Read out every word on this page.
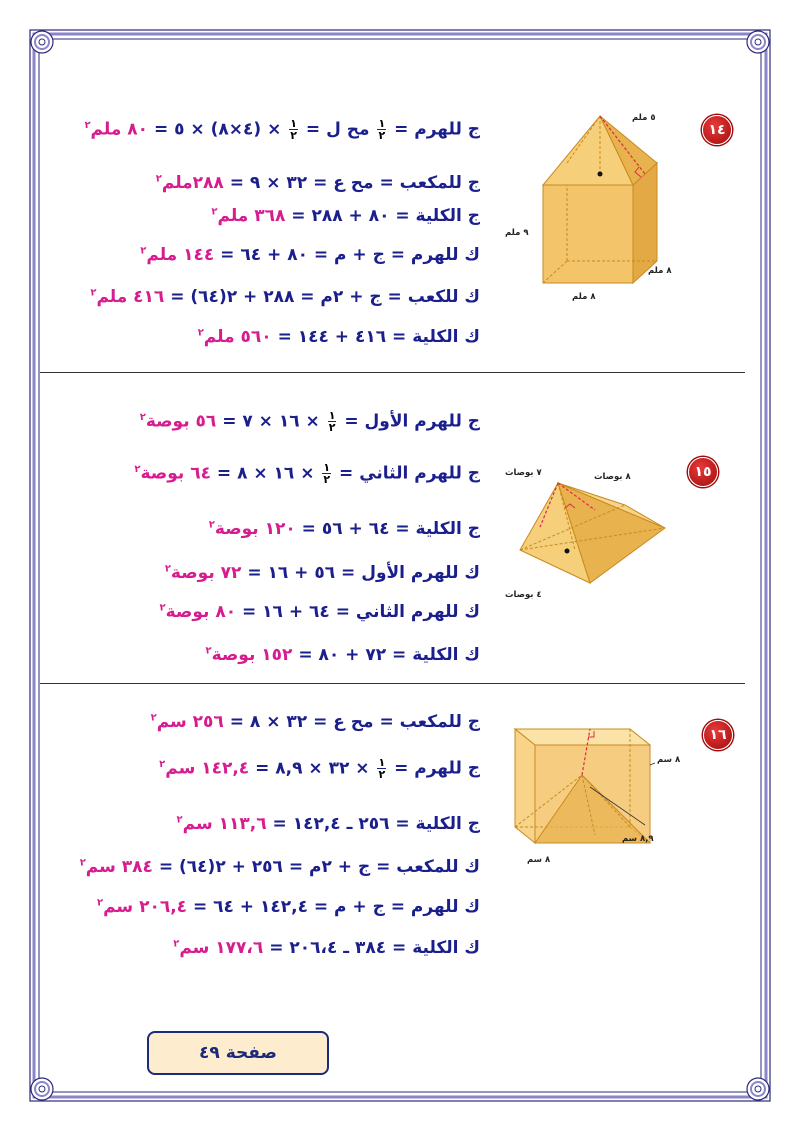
١٤
٥ ملم
٩ ملم
٨ ملم
٨ ملم
ج للهرم =
$\frac{١}{٢}$
مح ل =
$\frac{١}{٢}$
× (٤×٨) × ٥ = ٨٠ ملم$^٢$
ج للمكعب = مح ع = ٣٢ × ٩ = ٢٨٨ملم$^٢$
ج الكلية = ٨٠ + ٢٨٨ = ٣٦٨ ملم$^٢$
ك للهرم = ج + م = ٨٠ + ٦٤ = ١٤٤ ملم$^٢$
ك للكعب = ج + ٢م = ٢٨٨ + ٢(٦٤) = ٤١٦ ملم$^٢$
ك الكلية = ٤١٦ + ١٤٤ = ٥٦٠ ملم$^٢$
١٥
٧ بوصات	٨ بوصات
٤ بوصات
ج للهرم الأول =
$\frac{١}{٢}$
× ١٦ × ٧ = ٥٦ بوصة$^٢$
ج للهرم الثاني =
$\frac{١}{٢}$
× ١٦ × ٨ = ٦٤ بوصة$^٢$
ج الكلية = ٦٤ + ٥٦ = ١٢٠ بوصة$^٢$
ك للهرم الأول = ٥٦ + ١٦ = ٧٢ بوصة$^٢$
ك للهرم الثاني = ٦٤ + ١٦ = ٨٠ بوصة$^٢$
ك الكلية = ٧٢ + ٨٠ = ١٥٢ بوصة$^٢$
١٦
٨ سم
٨,٩ سم
٨ سم
ج للمكعب = مح ع = ٣٢ × ٨ = ٢٥٦ سم$^٢$
ج للهرم =
$\frac{١}{٢}$
× ٣٢ × ٨,٩ = ١٤٢,٤ سم$^٢$
ج الكلية = ٢٥٦ ـ ١٤٢,٤ = ١١٣,٦ سم$^٢$
ك للمكعب = ج + ٢م = ٢٥٦ + ٢(٦٤) = ٣٨٤ سم$^٢$
ك للهرم = ج + م = ١٤٢,٤ + ٦٤ = ٢٠٦,٤ سم$^٢$
ك الكلية = ٣٨٤ ـ ٢٠٦،٤ = ١٧٧،٦ سم$^٢$
صفحة ٤٩
